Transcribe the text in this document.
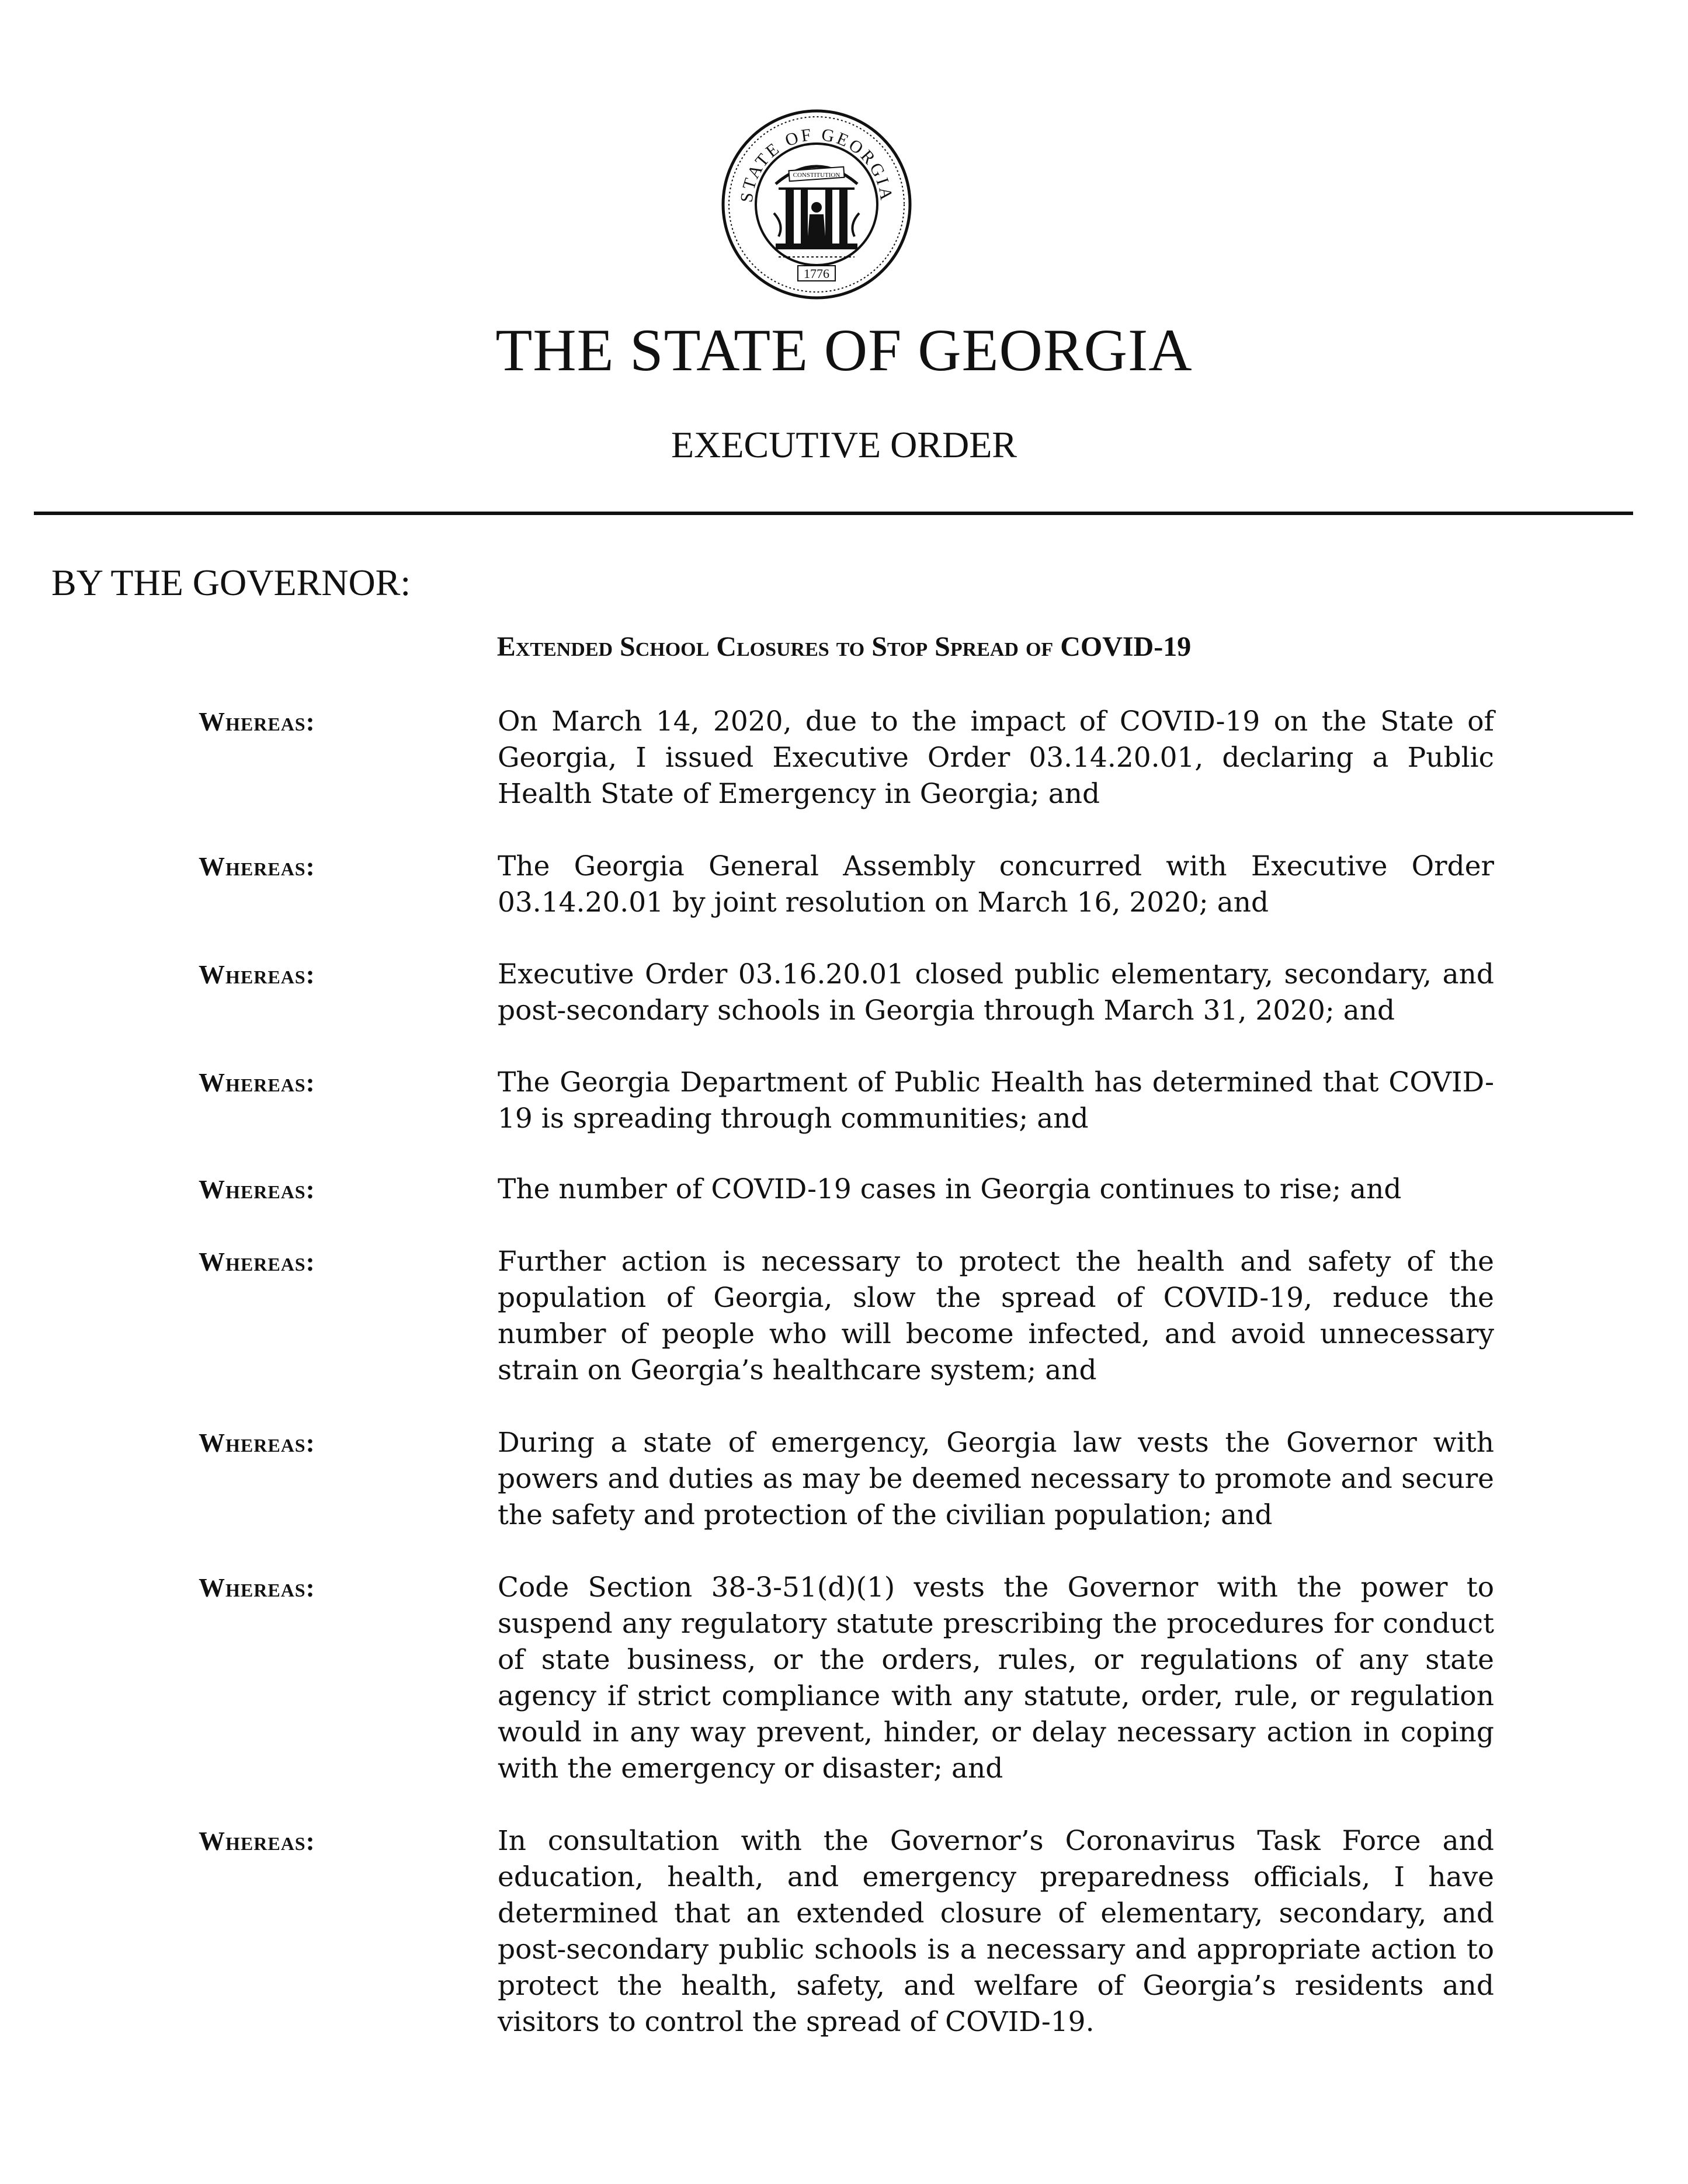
STATE OF GEORGIA
CONSTITUTION
1776
THE STATE OF GEORGIA
EXECUTIVE ORDER
BY THE GOVERNOR:
Extended School Closures to Stop Spread of COVID-19
Whereas:	On March 14, 2020, due to the impact of COVID-19 on the State of Georgia, I issued Executive Order 03.14.20.01, declaring a Public Health State of Emergency in Georgia; and

Whereas:	The Georgia General Assembly concurred with Executive Order 03.14.20.01 by joint resolution on March 16, 2020; and

Whereas:	Executive Order 03.16.20.01 closed public elementary, secondary, and post-secondary schools in Georgia through March 31, 2020; and

Whereas:	The Georgia Department of Public Health has determined that COVID-19 is spreading through communities; and

Whereas:	The number of COVID-19 cases in Georgia continues to rise; and

Whereas:	Further action is necessary to protect the health and safety of the population of Georgia, slow the spread of COVID-19, reduce the number of people who will become infected, and avoid unnecessary strain on Georgia’s healthcare system; and

Whereas:	During a state of emergency, Georgia law vests the Governor with powers and duties as may be deemed necessary to promote and secure the safety and protection of the civilian population; and

Whereas:	Code Section 38-3-51(d)(1) vests the Governor with the power to suspend any regulatory statute prescribing the procedures for conduct of state business, or the orders, rules, or regulations of any state agency if strict compliance with any statute, order, rule, or regulation would in any way prevent, hinder, or delay necessary action in coping with the emergency or disaster; and

Whereas:	In consultation with the Governor’s Coronavirus Task Force and education, health, and emergency preparedness officials, I have determined that an extended closure of elementary, secondary, and post-secondary public schools is a necessary and appropriate action to protect the health, safety, and welfare of Georgia’s residents and visitors to control the spread of COVID-19.
